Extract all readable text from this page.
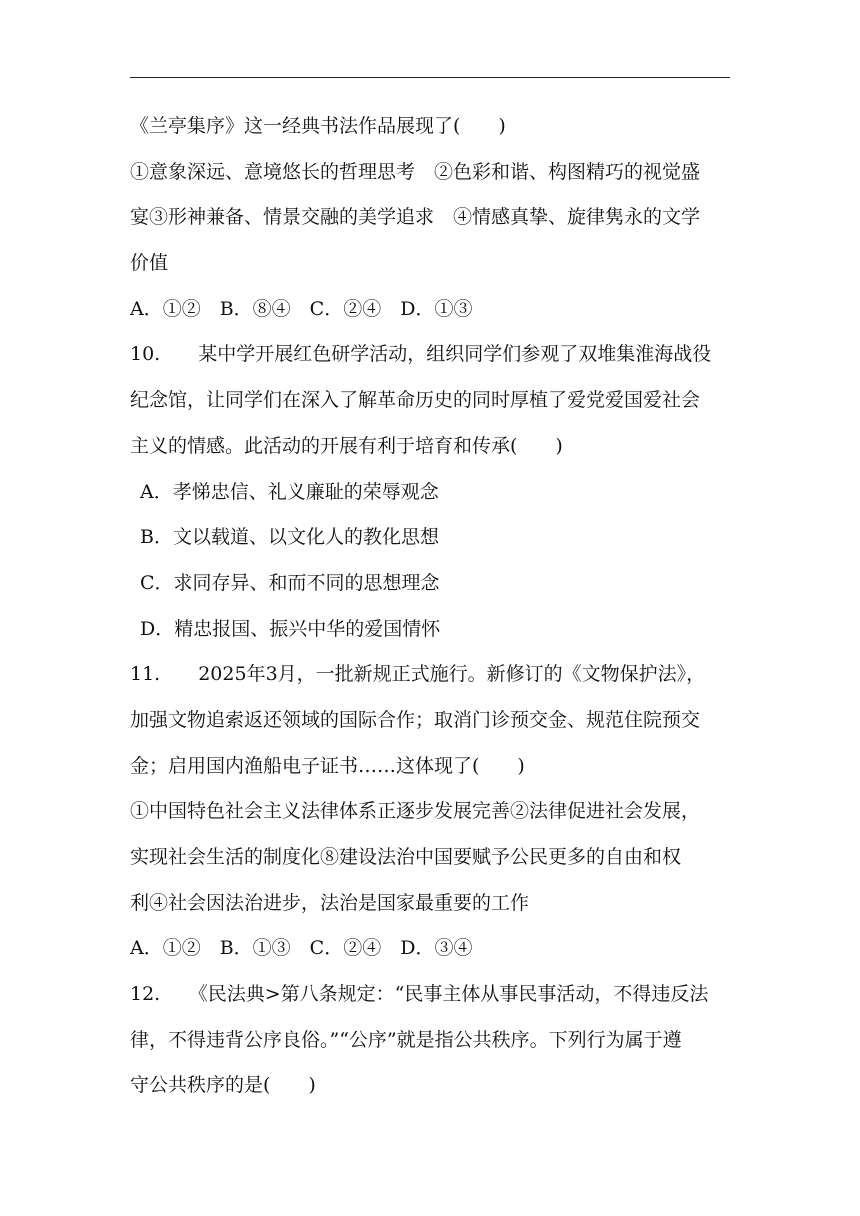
《兰亭集序》这一经典书法作品展现了(　　)
①意象深远、意境悠长的哲理思考　②色彩和谐、构图精巧的视觉盛
宴③形神兼备、情景交融的美学追求　④情感真挚、旋律隽永的文学
价值
A．①②　B．⑧④　C．②④　D．①③
10.　　某中学开展红色研学活动，组织同学们参观了双堆集淮海战役
纪念馆，让同学们在深入了解革命历史的同时厚植了爱党爱国爱社会
主义的情感。此活动的开展有利于培育和传承(　　)
A．孝悌忠信、礼义廉耻的荣辱观念
B．文以载道、以文化人的教化思想
C．求同存异、和而不同的思想理念
D．精忠报国、振兴中华的爱国情怀
11.　　2025年3月，一批新规正式施行。新修订的《文物保护法》，
加强文物追索返还领域的国际合作；取消门诊预交金、规范住院预交
金；启用国内渔船电子证书……这体现了(　　)
①中国特色社会主义法律体系正逐步发展完善②法律促进社会发展，
实现社会生活的制度化⑧建设法治中国要赋予公民更多的自由和权
利④社会因法治进步，法治是国家最重要的工作
A．①②　B．①③　C．②④　D．③④
12.　　《民法典>第八条规定：“民事主体从事民事活动，不得违反法
律，不得违背公序良俗。”“公序”就是指公共秩序。下列行为属于遵
守公共秩序的是(　　)
